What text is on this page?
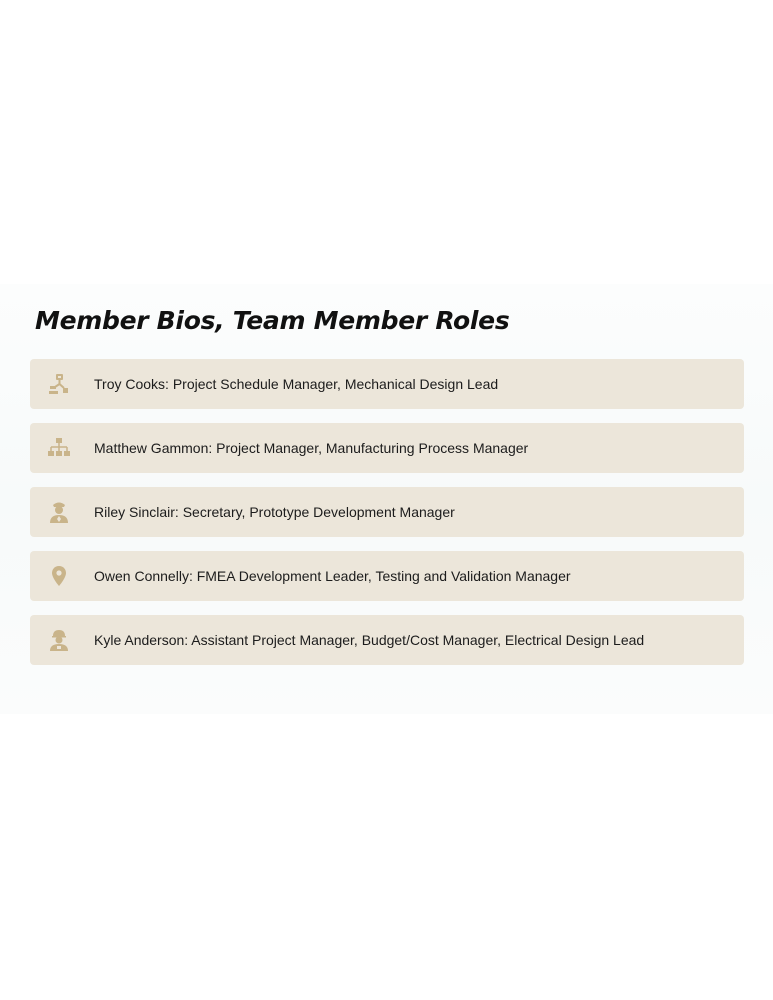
Member Bios, Team Member Roles
Troy Cooks: Project Schedule Manager, Mechanical Design Lead
Matthew Gammon: Project Manager, Manufacturing Process Manager
Riley Sinclair: Secretary, Prototype Development Manager
Owen Connelly: FMEA Development Leader, Testing and Validation Manager
Kyle Anderson: Assistant Project Manager, Budget/Cost Manager, Electrical Design Lead
